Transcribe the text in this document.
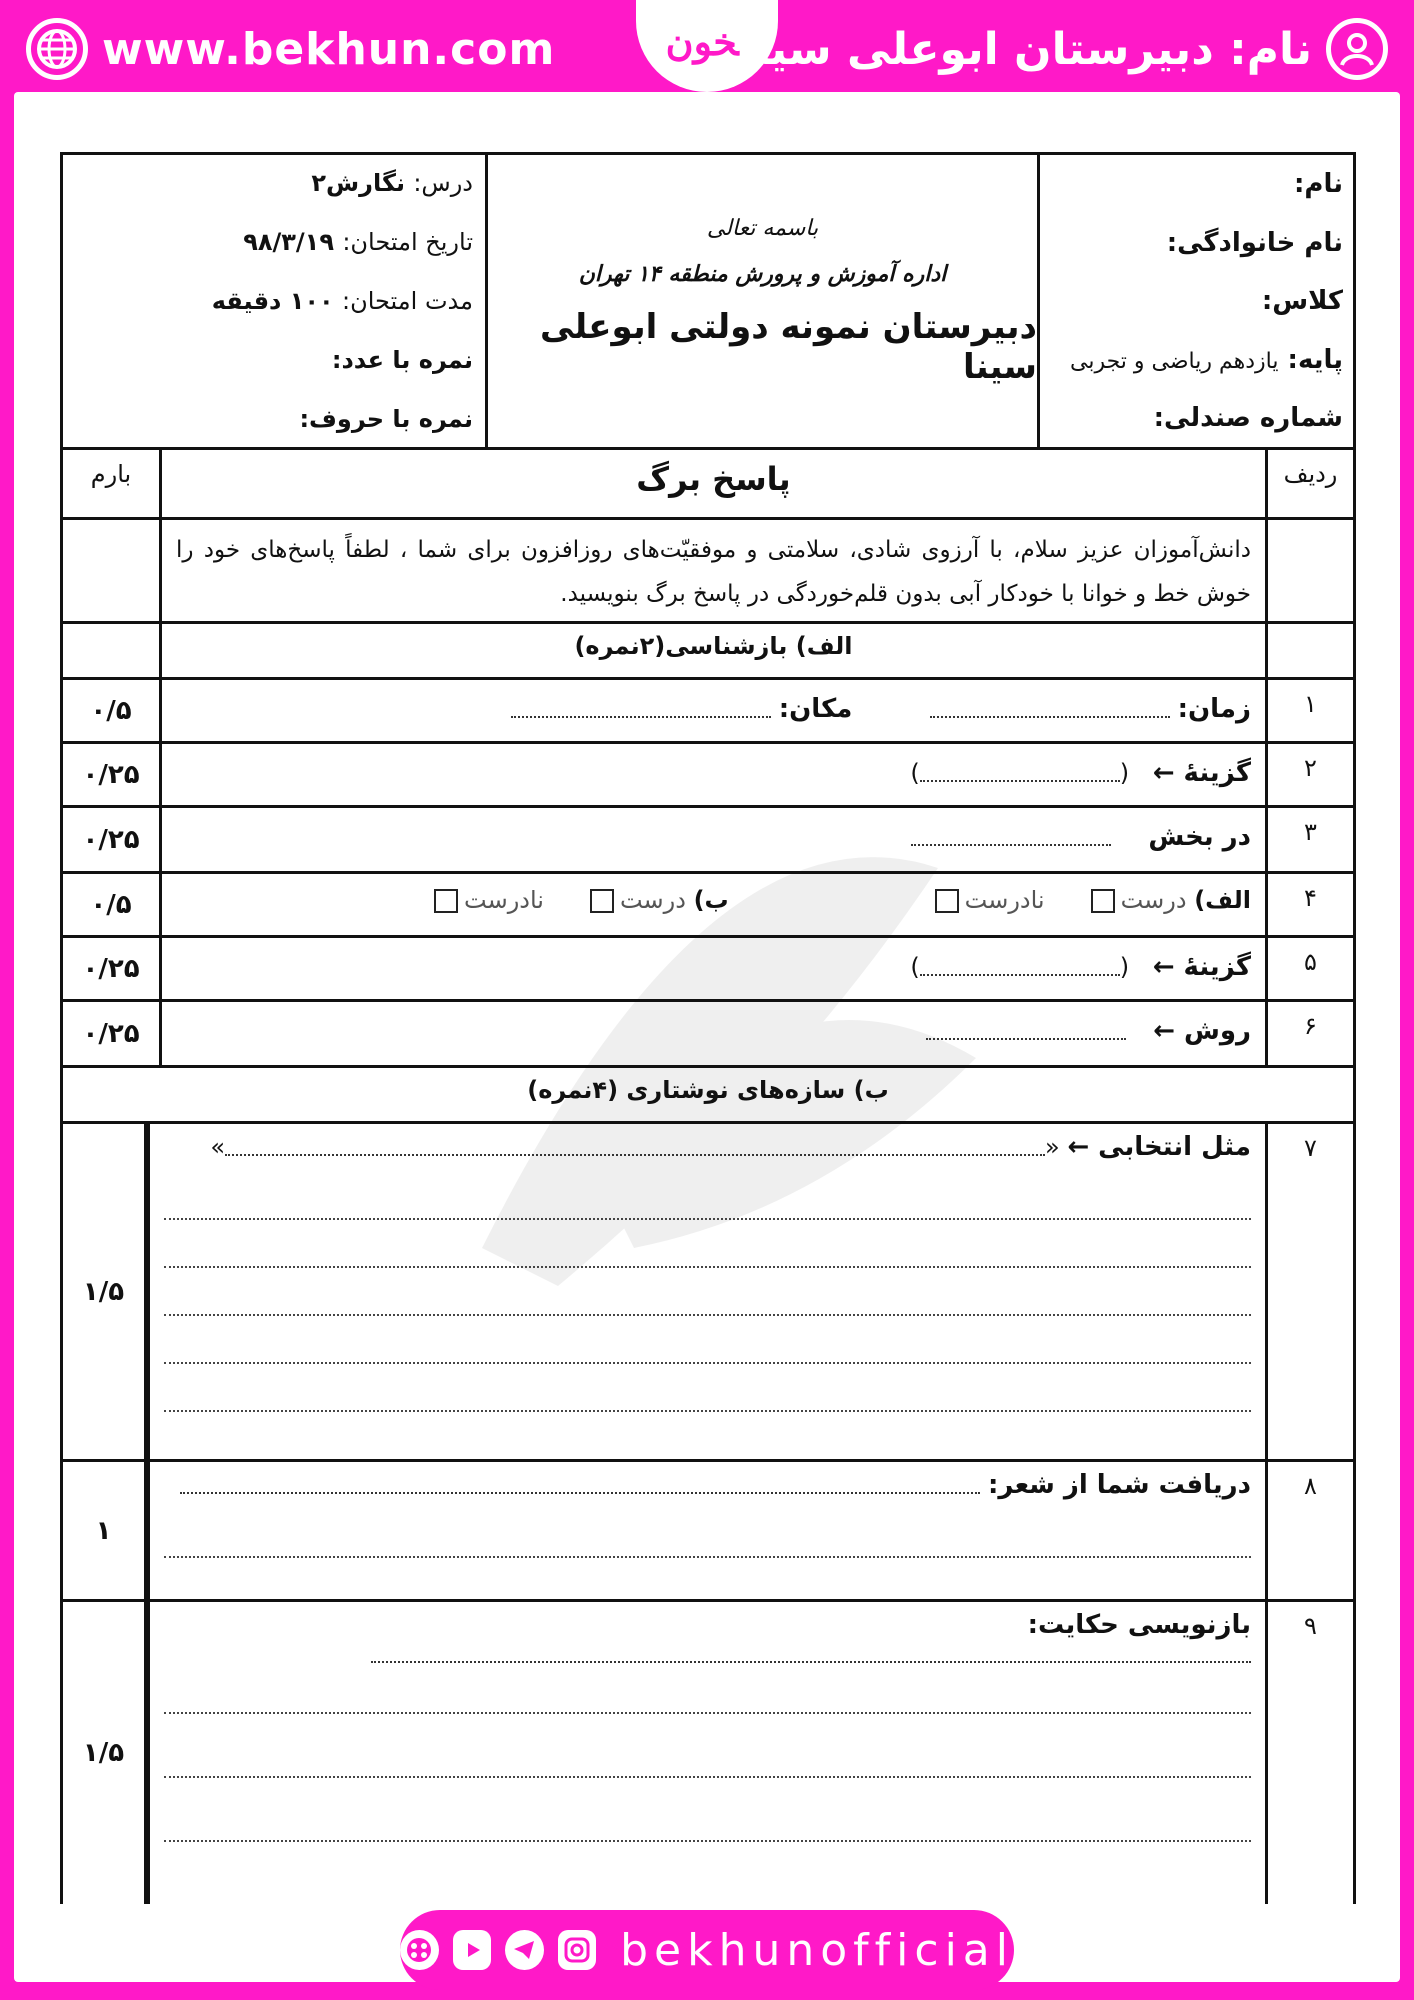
www.bekhun.com	بخون
نام: دبیرستان ابوعلی سینا
نام:
نام خانوادگی:
کلاس:
پایه: یازدهم ریاضی و تجربی
شماره صندلی:
باسمه تعالی
اداره آموزش و پرورش منطقه ۱۴ تهران
دبیرستان نمونه دولتی ابوعلی سینا
درس: نگارش۲
تاریخ امتحان: ۹۸/۳/۱۹
مدت امتحان: ۱۰۰ دقیقه
نمره با عدد:
نمره با حروف:
ردیف
پاسخ برگ
بارم
دانش‌آموزان عزیز سلام، با آرزوی شادی، سلامتی و موفقیّت‌های روزافزون برای شما ، لطفاً پاسخ‌های خود را خوش خط و خوانا با خودکار آبی بدون قلم‌خوردگی در پاسخ برگ بنویسید.
الف) بازشناسی(۲نمره)
۱
زمان:  مکان:
۰/۵
۲
گزینهٔ ← ()
۰/۲۵
۳
در بخش
۰/۲۵
۴
الف) درست
نادرست
ب) درست
نادرست
۰/۵
۵
گزینهٔ ← ()
۰/۲۵
۶
روش ←
۰/۲۵
ب) سازه‌های نوشتاری (۴نمره)
۷
مثل انتخابی ← «»
۱/۵
۸
دریافت شما از شعر:
۱
۹
بازنویسی حکایت:
۱/۵
bekhunofficial
